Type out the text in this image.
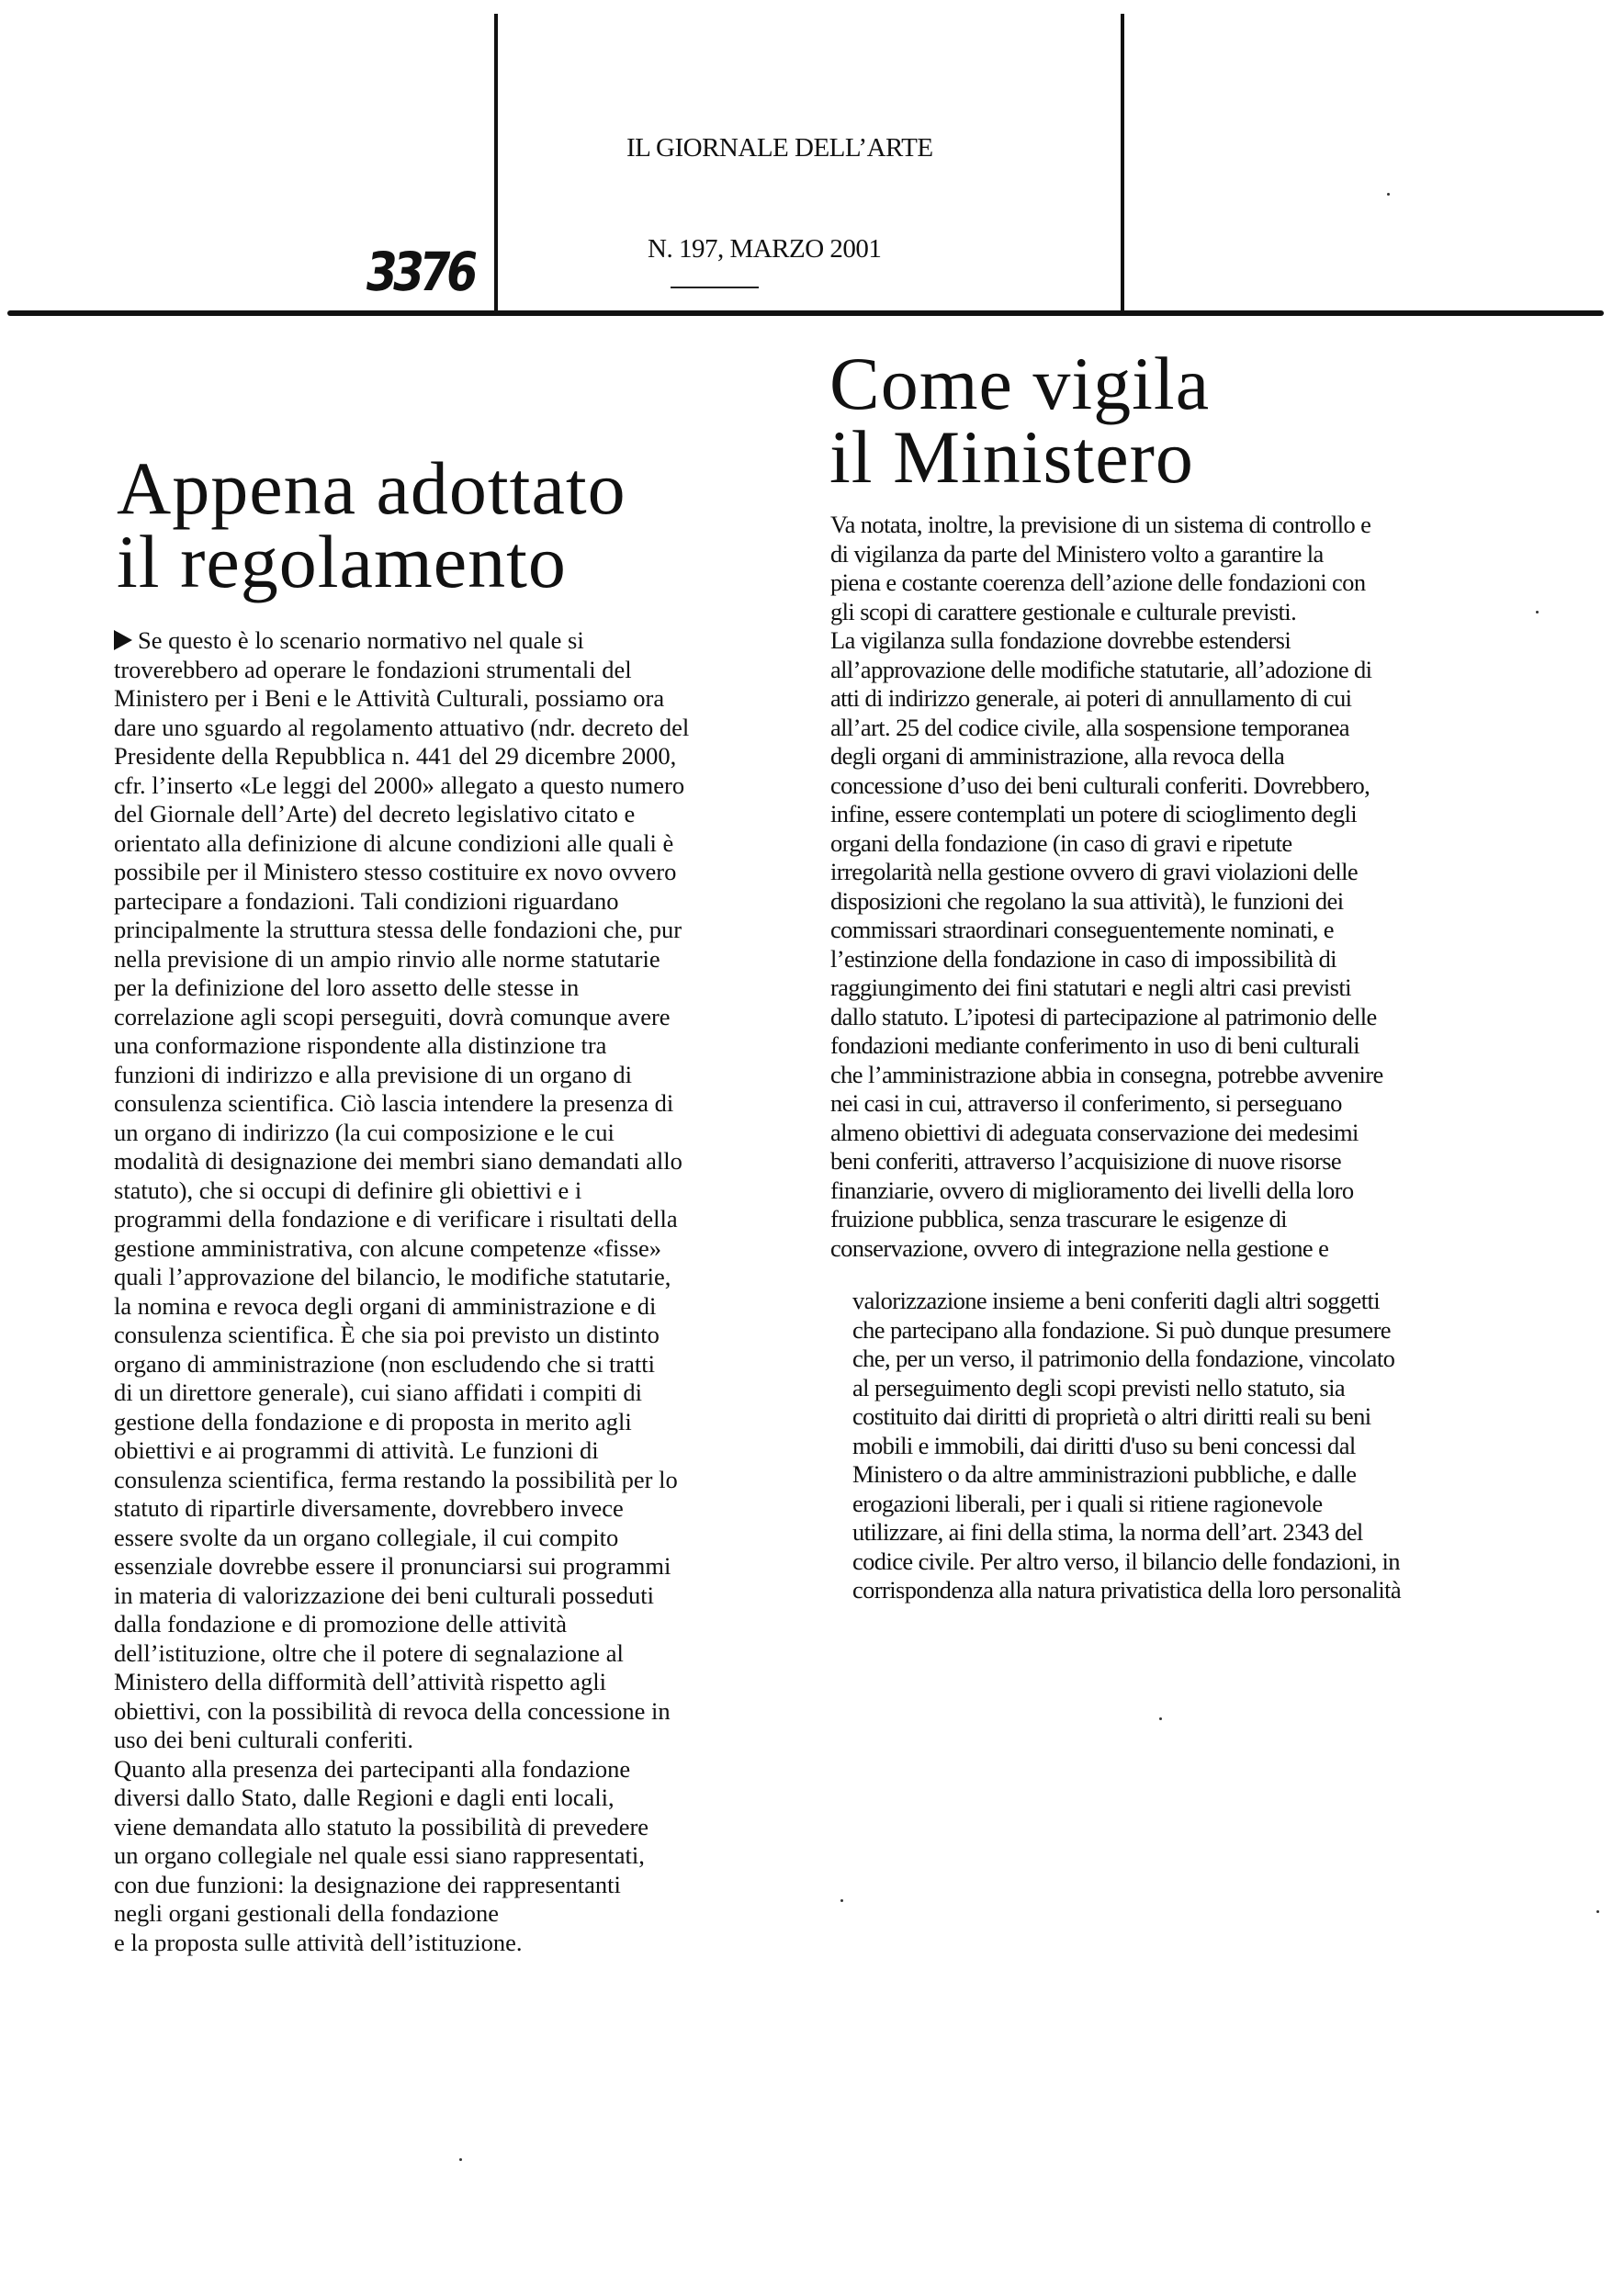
IL GIORNALE DELL’ARTE
N. 197, MARZO 2001
3376
Appena adottato
il regolamento
Come vigila
il Ministero
Se questo è lo scenario normativo nel quale si
troverebbero ad operare le fondazioni strumentali del
Ministero per i Beni e le Attività Culturali, possiamo ora
dare uno sguardo al regolamento attuativo (ndr. decreto del
Presidente della Repubblica n. 441 del 29 dicembre 2000,
cfr. l’inserto «Le leggi del 2000» allegato a questo numero
del Giornale dell’Arte) del decreto legislativo citato e
orientato alla definizione di alcune condizioni alle quali è
possibile per il Ministero stesso costituire ex novo ovvero
partecipare a fondazioni. Tali condizioni riguardano
principalmente la struttura stessa delle fondazioni che, pur
nella previsione di un ampio rinvio alle norme statutarie
per la definizione del loro assetto delle stesse in
correlazione agli scopi perseguiti, dovrà comunque avere
una conformazione rispondente alla distinzione tra
funzioni di indirizzo e alla previsione di un organo di
consulenza scientifica. Ciò lascia intendere la presenza di
un organo di indirizzo (la cui composizione e le cui
modalità di designazione dei membri siano demandati allo
statuto), che si occupi di definire gli obiettivi e i
programmi della fondazione e di verificare i risultati della
gestione amministrativa, con alcune competenze «fisse»
quali l’approvazione del bilancio, le modifiche statutarie,
la nomina e revoca degli organi di amministrazione e di
consulenza scientifica. È che sia poi previsto un distinto
organo di amministrazione (non escludendo che si tratti
di un direttore generale), cui siano affidati i compiti di
gestione della fondazione e di proposta in merito agli
obiettivi e ai programmi di attività. Le funzioni di
consulenza scientifica, ferma restando la possibilità per lo
statuto di ripartirle diversamente, dovrebbero invece
essere svolte da un organo collegiale, il cui compito
essenziale dovrebbe essere il pronunciarsi sui programmi
in materia di valorizzazione dei beni culturali posseduti
dalla fondazione e di promozione delle attività
dell’istituzione, oltre che il potere di segnalazione al
Ministero della difformità dell’attività rispetto agli
obiettivi, con la possibilità di revoca della concessione in
uso dei beni culturali conferiti.
Quanto alla presenza dei partecipanti alla fondazione
diversi dallo Stato, dalle Regioni e dagli enti locali,
viene demandata allo statuto la possibilità di prevedere
un organo collegiale nel quale essi siano rappresentati,
con due funzioni: la designazione dei rappresentanti
negli organi gestionali della fondazione
e la proposta sulle attività dell’istituzione.
Va notata, inoltre, la previsione di un sistema di controllo e
di vigilanza da parte del Ministero volto a garantire la
piena e costante coerenza dell’azione delle fondazioni con
gli scopi di carattere gestionale e culturale previsti.
La vigilanza sulla fondazione dovrebbe estendersi
all’approvazione delle modifiche statutarie, all’adozione di
atti di indirizzo generale, ai poteri di annullamento di cui
all’art. 25 del codice civile, alla sospensione temporanea
degli organi di amministrazione, alla revoca della
concessione d’uso dei beni culturali conferiti. Dovrebbero,
infine, essere contemplati un potere di scioglimento degli
organi della fondazione (in caso di gravi e ripetute
irregolarità nella gestione ovvero di gravi violazioni delle
disposizioni che regolano la sua attività), le funzioni dei
commissari straordinari conseguentemente nominati, e
l’estinzione della fondazione in caso di impossibilità di
raggiungimento dei fini statutari e negli altri casi previsti
dallo statuto. L’ipotesi di partecipazione al patrimonio delle
fondazioni mediante conferimento in uso di beni culturali
che l’amministrazione abbia in consegna, potrebbe avvenire
nei casi in cui, attraverso il conferimento, si perseguano
almeno obiettivi di adeguata conservazione dei medesimi
beni conferiti, attraverso l’acquisizione di nuove risorse
finanziarie, ovvero di miglioramento dei livelli della loro
fruizione pubblica, senza trascurare le esigenze di
conservazione, ovvero di integrazione nella gestione e
valorizzazione insieme a beni conferiti dagli altri soggetti
che partecipano alla fondazione. Si può dunque presumere
che, per un verso, il patrimonio della fondazione, vincolato
al perseguimento degli scopi previsti nello statuto, sia
costituito dai diritti di proprietà o altri diritti reali su beni
mobili e immobili, dai diritti d'uso su beni concessi dal
Ministero o da altre amministrazioni pubbliche, e dalle
erogazioni liberali, per i quali si ritiene ragionevole
utilizzare, ai fini della stima, la norma dell’art. 2343 del
codice civile. Per altro verso, il bilancio delle fondazioni, in
corrispondenza alla natura privatistica della loro personalità
